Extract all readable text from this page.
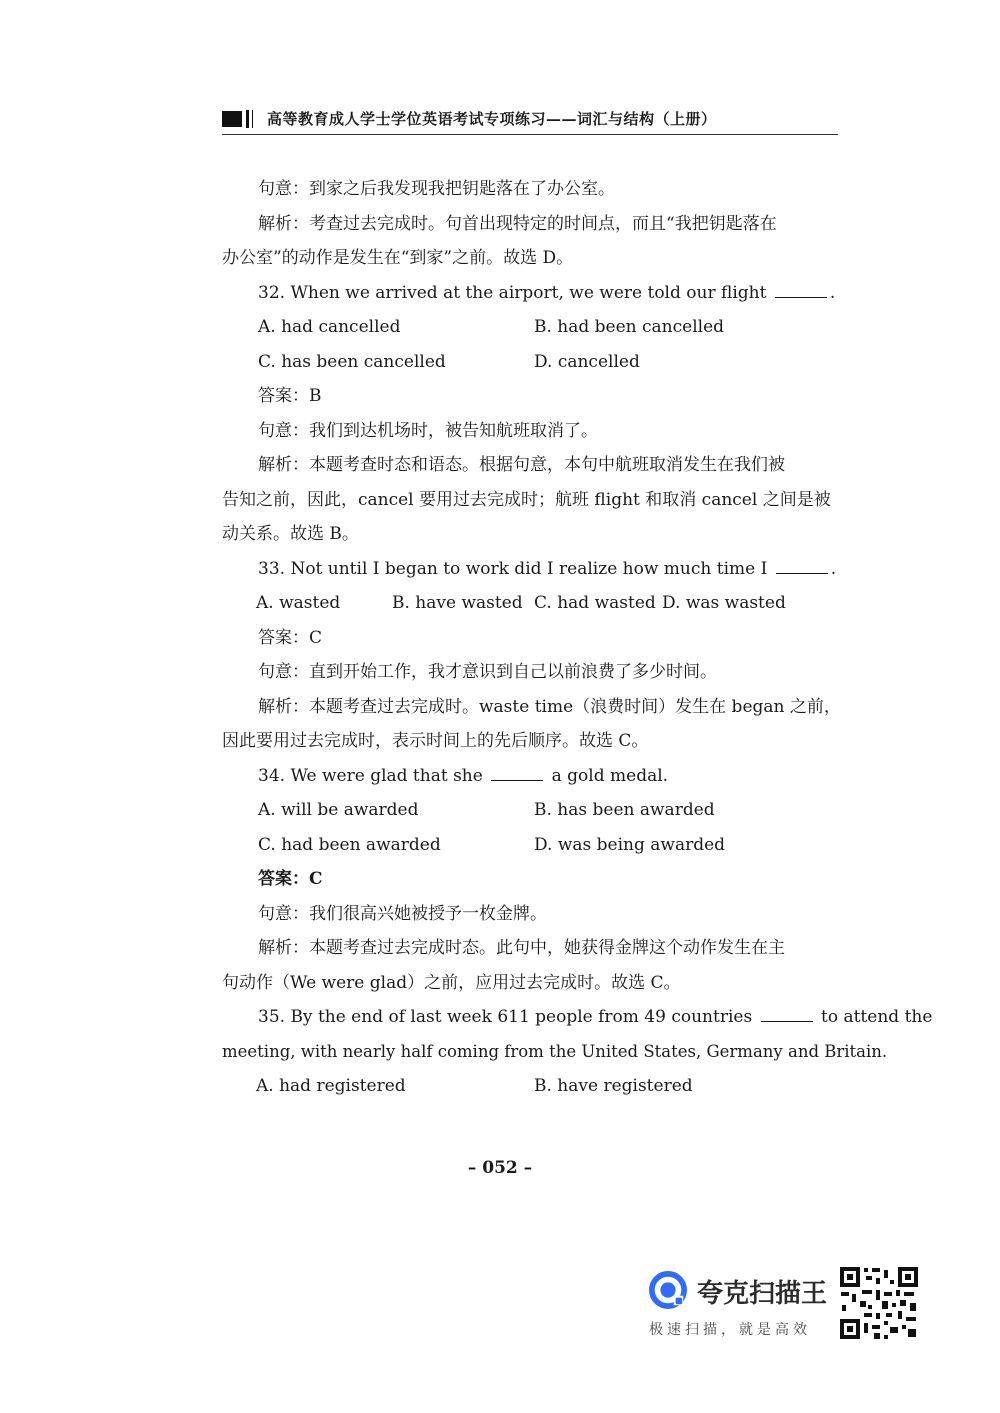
高等教育成人学士学位英语考试专项练习——词汇与结构（上册）
句意：到家之后我发现我把钥匙落在了办公室。
解析：考查过去完成时。句首出现特定的时间点，而且“我把钥匙落在
办公室”的动作是发生在“到家”之前。故选 D。
32. When we arrived at the airport, we were told our flight	.
A. had cancelled	B. had been cancelled
C. has been cancelled	D. cancelled
答案：B
句意：我们到达机场时，被告知航班取消了。
解析：本题考查时态和语态。根据句意，本句中航班取消发生在我们被
告知之前，因此，cancel 要用过去完成时；航班 flight 和取消 cancel 之间是被
动关系。故选 B。
33. Not until I began to work did I realize how much time I	.
A. wasted	B. have wasted C. had wasted D. was wasted
答案：C
句意：直到开始工作，我才意识到自己以前浪费了多少时间。
解析：本题考查过去完成时。waste time（浪费时间）发生在 began 之前，
因此要用过去完成时，表示时间上的先后顺序。故选 C。
34. We were glad that she	a gold medal.
A. will be awarded	B. has been awarded
C. had been awarded	D. was being awarded
答案：C
句意：我们很高兴她被授予一枚金牌。
解析：本题考查过去完成时态。此句中，她获得金牌这个动作发生在主
句动作（We were glad）之前，应用过去完成时。故选 C。
35. By the end of last week 611 people from 49 countries	to attend the
meeting, with nearly half coming from the United States, Germany and Britain.
A. had registered	B. have registered
– 052 –
夸克扫描王
极速扫描，就是高效
